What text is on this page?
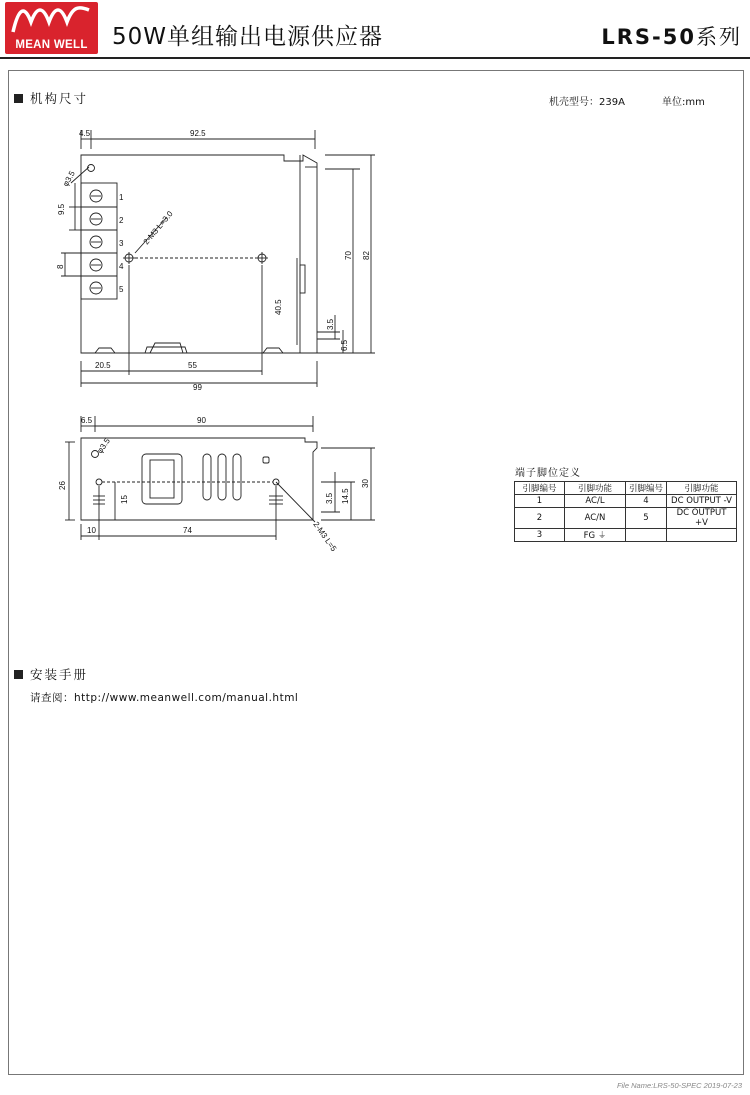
MEAN WELL	50W单组输出电源供应器	LRS-50系列
机构尺寸	机壳型号：239A	单位:mm
4.5	92.5
70 82
3.5
6.5
40.5
20.5	55
99
φ3.5
9.5
8
2-M3 L=3.0
1
2
3
4
5
6.5	90
26
15	3.5 14.5
30
10	74
φ3.5
2-M3 L=5
端子脚位定义
引脚编号	引脚功能	引脚编号	引脚功能
1	AC/L	4	DC OUTPUT -V
2	AC/N	5	DC OUTPUT +V
3	FG ⏚		
安装手册
请查阅：http://www.meanwell.com/manual.html
File Name:LRS-50-SPEC 2019-07-23
